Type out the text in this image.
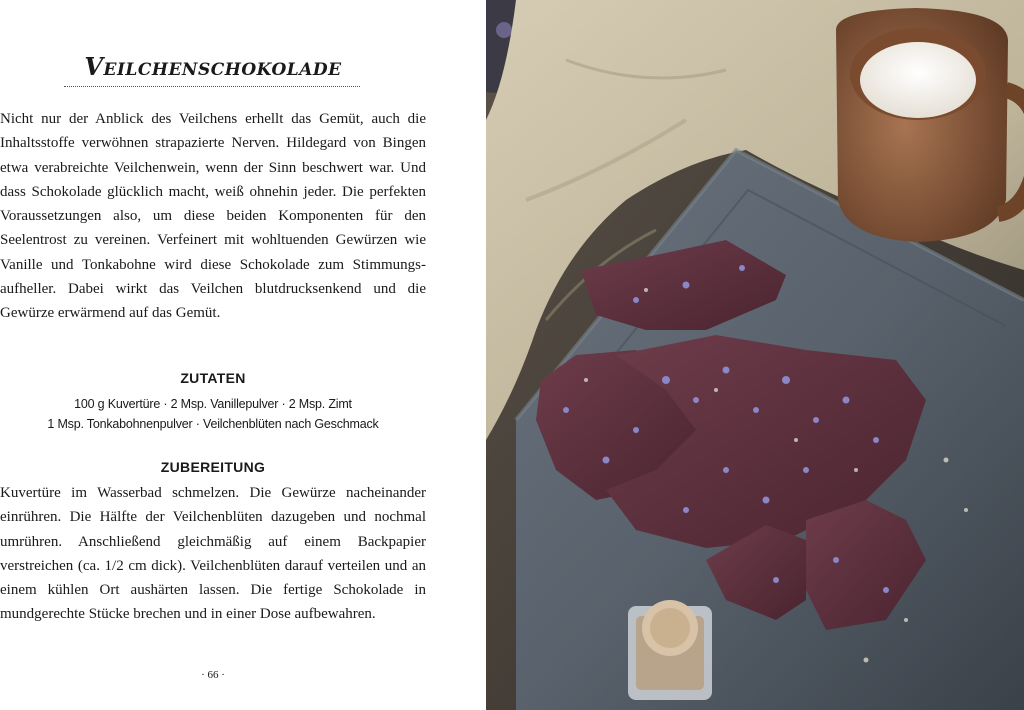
Veilchenschokolade

Nicht nur der Anblick des Veilchens erhellt das Gemüt, auch die Inhaltsstoffe verwöhnen strapazierte Nerven. Hildegard von Bingen etwa verabreichte Veilchenwein, wenn der Sinn beschwert war. Und dass Schokolade glücklich macht, weiß ohnehin jeder. Die perfekten Voraussetzungen also, um diese beiden Komponenten für den Seelentrost zu vereinen. Verfeinert mit wohltuenden Gewürzen wie Vanille und Tonkabohne wird diese Schokolade zum Stimmungsaufheller. Dabei wirkt das Veilchen blutdrucksenkend und die Gewürze erwärmend auf das Gemüt.

ZUTATEN
100 g Kuvertüre · 2 Msp. Vanillepulver · 2 Msp. Zimt
1 Msp. Tonkabohnenpulver · Veilchenblüten nach Geschmack
ZUBEREITUNG

Kuvertüre im Wasserbad schmelzen. Die Gewürze nacheinander einrühren. Die Hälfte der Veilchenblüten dazugeben und nochmal umrühren. Anschließend gleichmäßig auf einem Backpapier verstreichen (ca. 1/2 cm dick). Veilchenblüten darauf verteilen und an einem kühlen Ort aushärten lassen. Die fertige Schokolade in mundgerechte Stücke brechen und in einer Dose aufbewahren.

· 66 ·
